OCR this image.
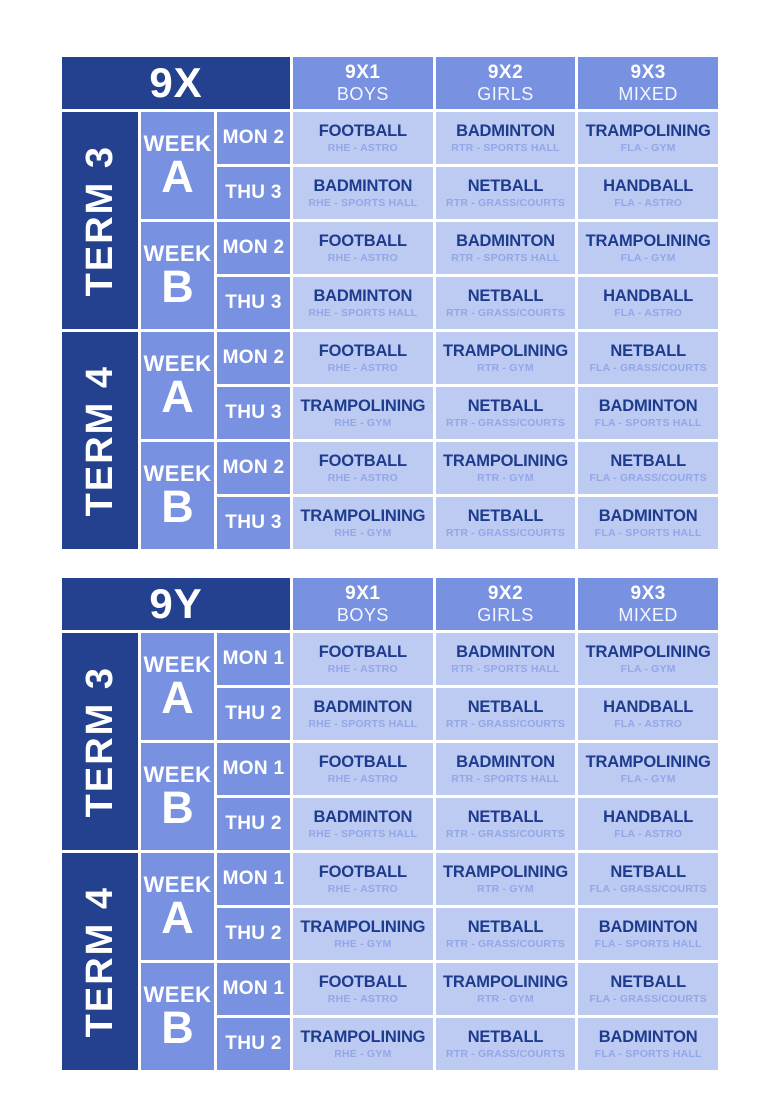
9X	9X1
BOYS
9X2
GIRLS
9X3
MIXED
TERM 3
WEEK
A
MON 2 FOOTBALL
RHE - ASTRO
BADMINTON
RTR - SPORTS HALL
TRAMPOLINING
FLA - GYM
THU 3 BADMINTON
RHE - SPORTS HALL
NETBALL
RTR - GRASS/COURTS
HANDBALL
FLA - ASTRO
WEEK
B
MON 2 FOOTBALL
RHE - ASTRO
BADMINTON
RTR - SPORTS HALL
TRAMPOLINING
FLA - GYM
THU 3 BADMINTON
RHE - SPORTS HALL
NETBALL
RTR - GRASS/COURTS
HANDBALL
FLA - ASTRO
TERM 4
WEEK
A
MON 2 FOOTBALL
RHE - ASTRO
TRAMPOLINING
RTR - GYM
NETBALL
FLA - GRASS/COURTS
THU 3 TRAMPOLINING
RHE - GYM
NETBALL
RTR - GRASS/COURTS
BADMINTON
FLA - SPORTS HALL
WEEK
B
MON 2 FOOTBALL
RHE - ASTRO
TRAMPOLINING
RTR - GYM
NETBALL
FLA - GRASS/COURTS
THU 3 TRAMPOLINING
RHE - GYM
NETBALL
RTR - GRASS/COURTS
BADMINTON
FLA - SPORTS HALL
9Y	9X1
BOYS
9X2
GIRLS
9X3
MIXED
TERM 3
WEEK
A
MON 1 FOOTBALL
RHE - ASTRO
BADMINTON
RTR - SPORTS HALL
TRAMPOLINING
FLA - GYM
THU 2 BADMINTON
RHE - SPORTS HALL
NETBALL
RTR - GRASS/COURTS
HANDBALL
FLA - ASTRO
WEEK
B
MON 1 FOOTBALL
RHE - ASTRO
BADMINTON
RTR - SPORTS HALL
TRAMPOLINING
FLA - GYM
THU 2 BADMINTON
RHE - SPORTS HALL
NETBALL
RTR - GRASS/COURTS
HANDBALL
FLA - ASTRO
TERM 4
WEEK
A
MON 1 FOOTBALL
RHE - ASTRO
TRAMPOLINING
RTR - GYM
NETBALL
FLA - GRASS/COURTS
THU 2 TRAMPOLINING
RHE - GYM
NETBALL
RTR - GRASS/COURTS
BADMINTON
FLA - SPORTS HALL
WEEK
B
MON 1 FOOTBALL
RHE - ASTRO
TRAMPOLINING
RTR - GYM
NETBALL
FLA - GRASS/COURTS
THU 2 TRAMPOLINING
RHE - GYM
NETBALL
RTR - GRASS/COURTS
BADMINTON
FLA - SPORTS HALL
